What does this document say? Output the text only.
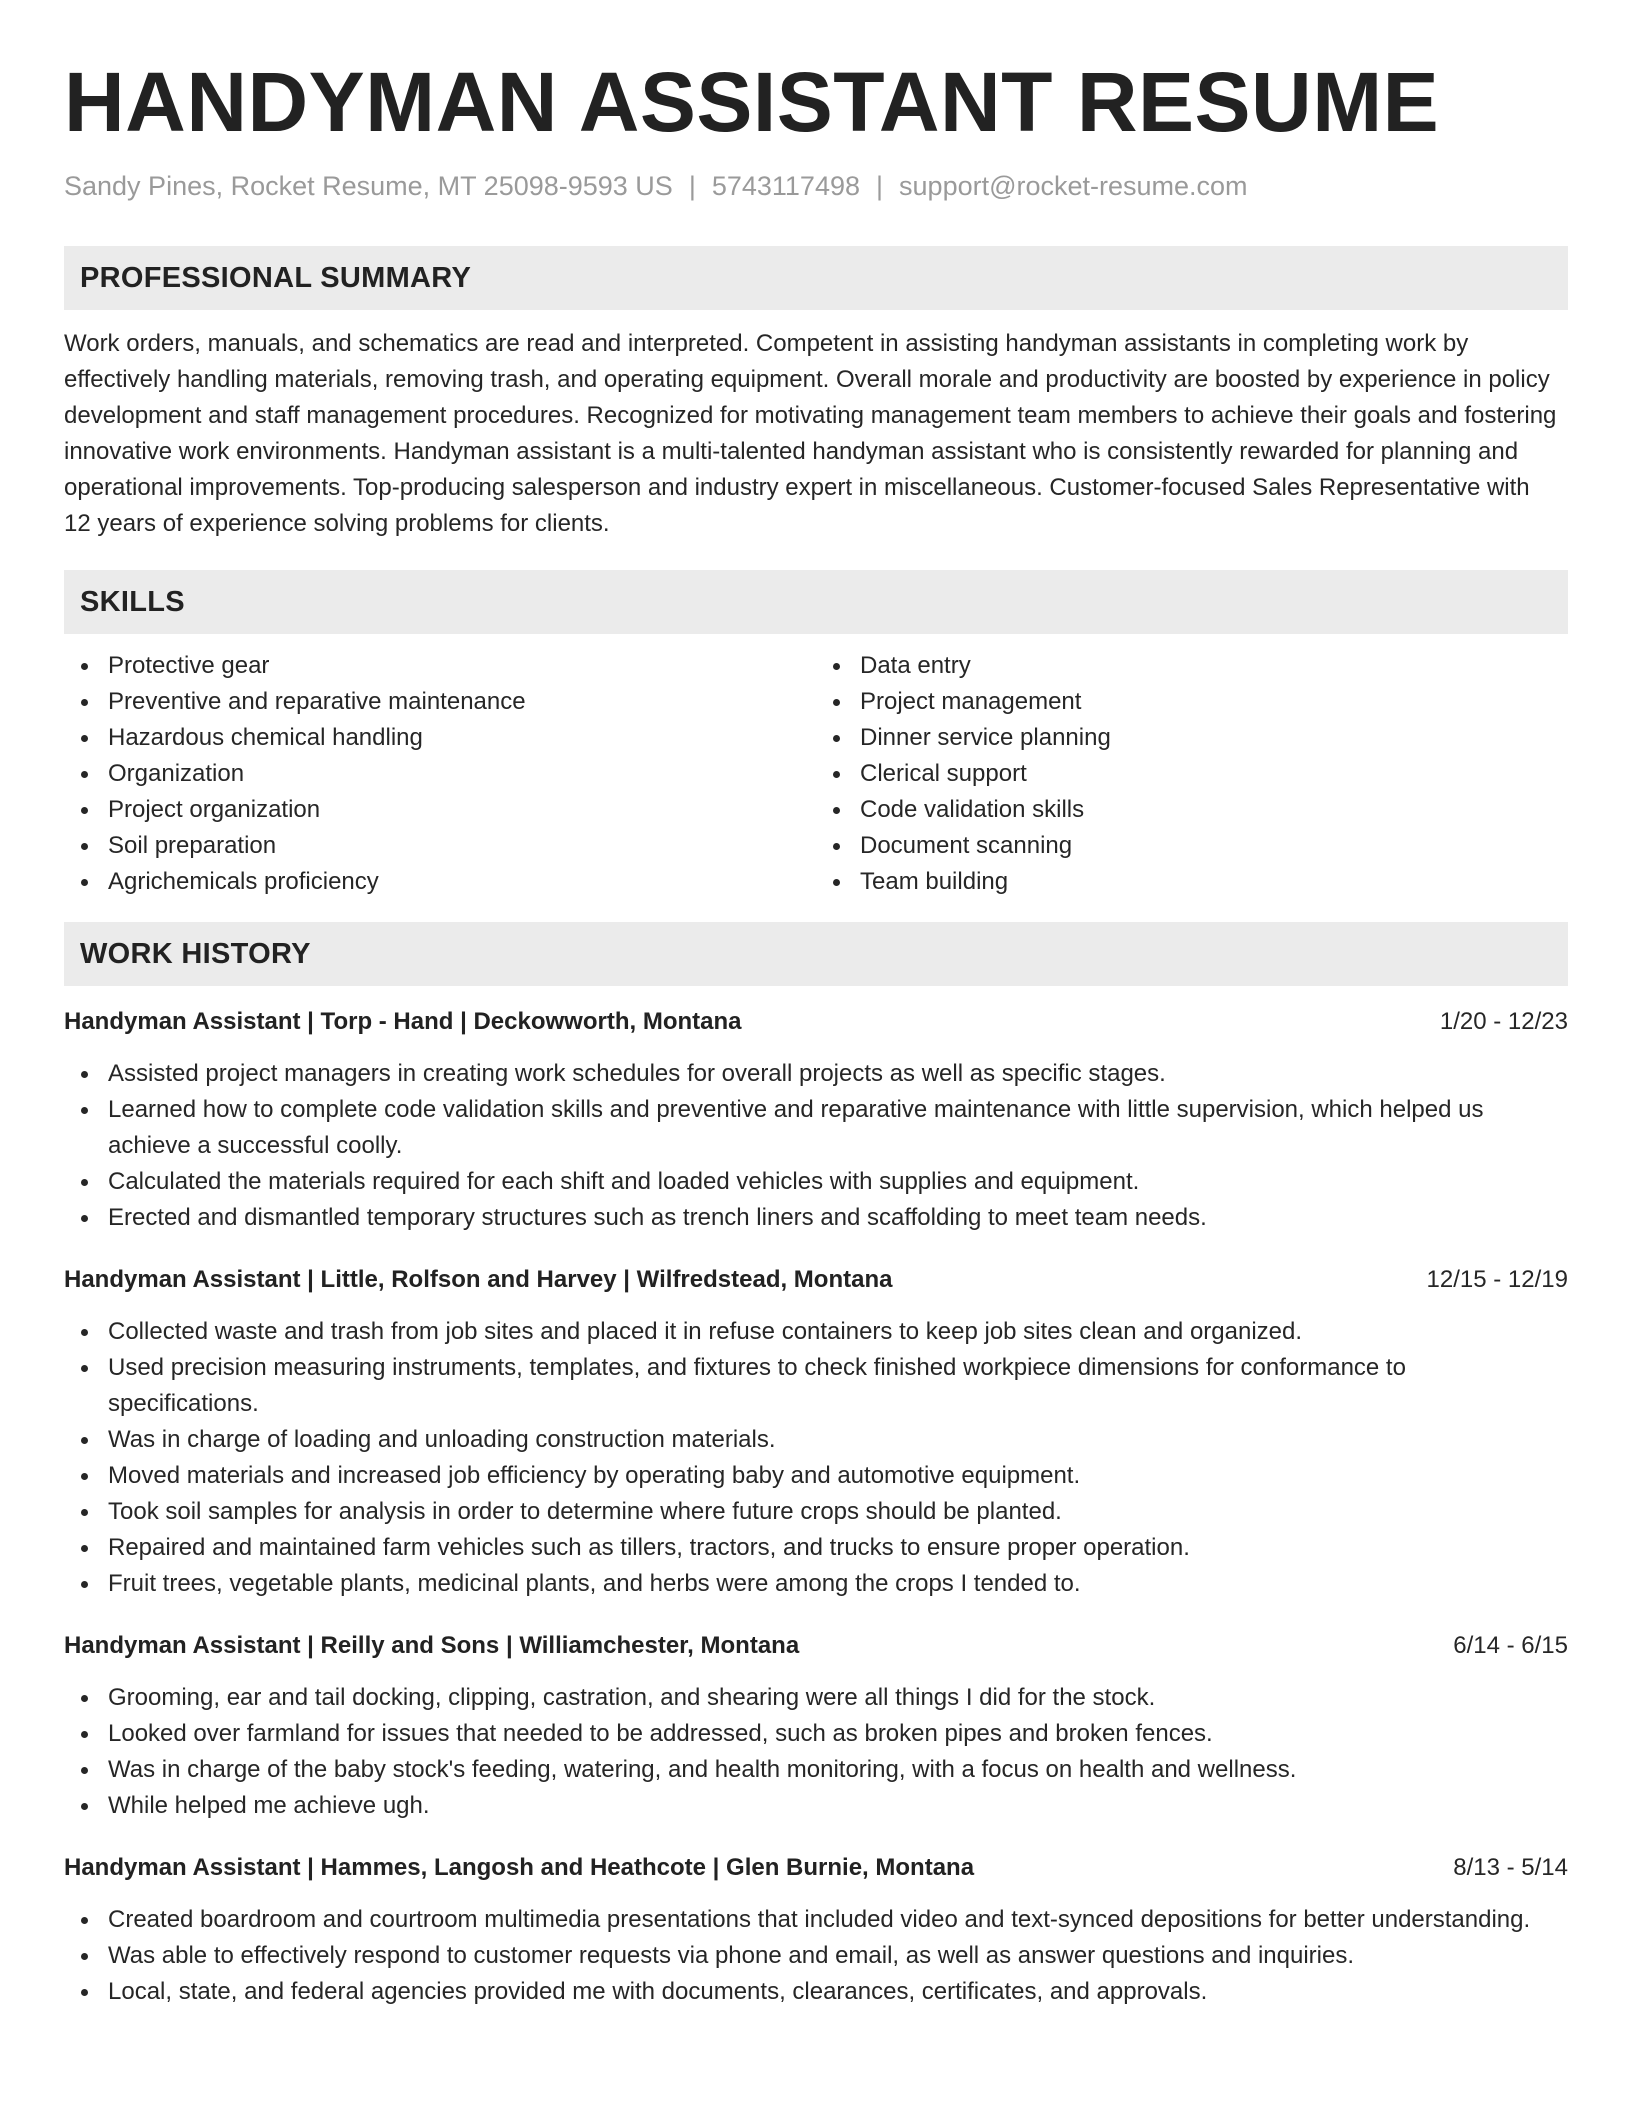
HANDYMAN ASSISTANT RESUME
Sandy Pines, Rocket Resume, MT 25098-9593 US | 5743117498 | support@rocket-resume.com
PROFESSIONAL SUMMARY
Work orders, manuals, and schematics are read and interpreted. Competent in assisting handyman assistants in completing work by effectively handling materials, removing trash, and operating equipment. Overall morale and productivity are boosted by experience in policy development and staff management procedures. Recognized for motivating management team members to achieve their goals and fostering innovative work environments. Handyman assistant is a multi-talented handyman assistant who is consistently rewarded for planning and operational improvements. Top-producing salesperson and industry expert in miscellaneous. Customer-focused Sales Representative with 12 years of experience solving problems for clients.
SKILLS
Protective gear
Preventive and reparative maintenance
Hazardous chemical handling
Organization
Project organization
Soil preparation
Agrichemicals proficiency
Data entry
Project management
Dinner service planning
Clerical support
Code validation skills
Document scanning
Team building
WORK HISTORY
Handyman Assistant | Torp - Hand | Deckowworth, Montana	1/20 - 12/23
Assisted project managers in creating work schedules for overall projects as well as specific stages.
Learned how to complete code validation skills and preventive and reparative maintenance with little supervision, which helped us achieve a successful coolly.
Calculated the materials required for each shift and loaded vehicles with supplies and equipment.
Erected and dismantled temporary structures such as trench liners and scaffolding to meet team needs.
Handyman Assistant | Little, Rolfson and Harvey | Wilfredstead, Montana	12/15 - 12/19
Collected waste and trash from job sites and placed it in refuse containers to keep job sites clean and organized.
Used precision measuring instruments, templates, and fixtures to check finished workpiece dimensions for conformance to specifications.
Was in charge of loading and unloading construction materials.
Moved materials and increased job efficiency by operating baby and automotive equipment.
Took soil samples for analysis in order to determine where future crops should be planted.
Repaired and maintained farm vehicles such as tillers, tractors, and trucks to ensure proper operation.
Fruit trees, vegetable plants, medicinal plants, and herbs were among the crops I tended to.
Handyman Assistant | Reilly and Sons | Williamchester, Montana	6/14 - 6/15
Grooming, ear and tail docking, clipping, castration, and shearing were all things I did for the stock.
Looked over farmland for issues that needed to be addressed, such as broken pipes and broken fences.
Was in charge of the baby stock's feeding, watering, and health monitoring, with a focus on health and wellness.
While helped me achieve ugh.
Handyman Assistant | Hammes, Langosh and Heathcote | Glen Burnie, Montana	8/13 - 5/14
Created boardroom and courtroom multimedia presentations that included video and text-synced depositions for better understanding.
Was able to effectively respond to customer requests via phone and email, as well as answer questions and inquiries.
Local, state, and federal agencies provided me with documents, clearances, certificates, and approvals.
